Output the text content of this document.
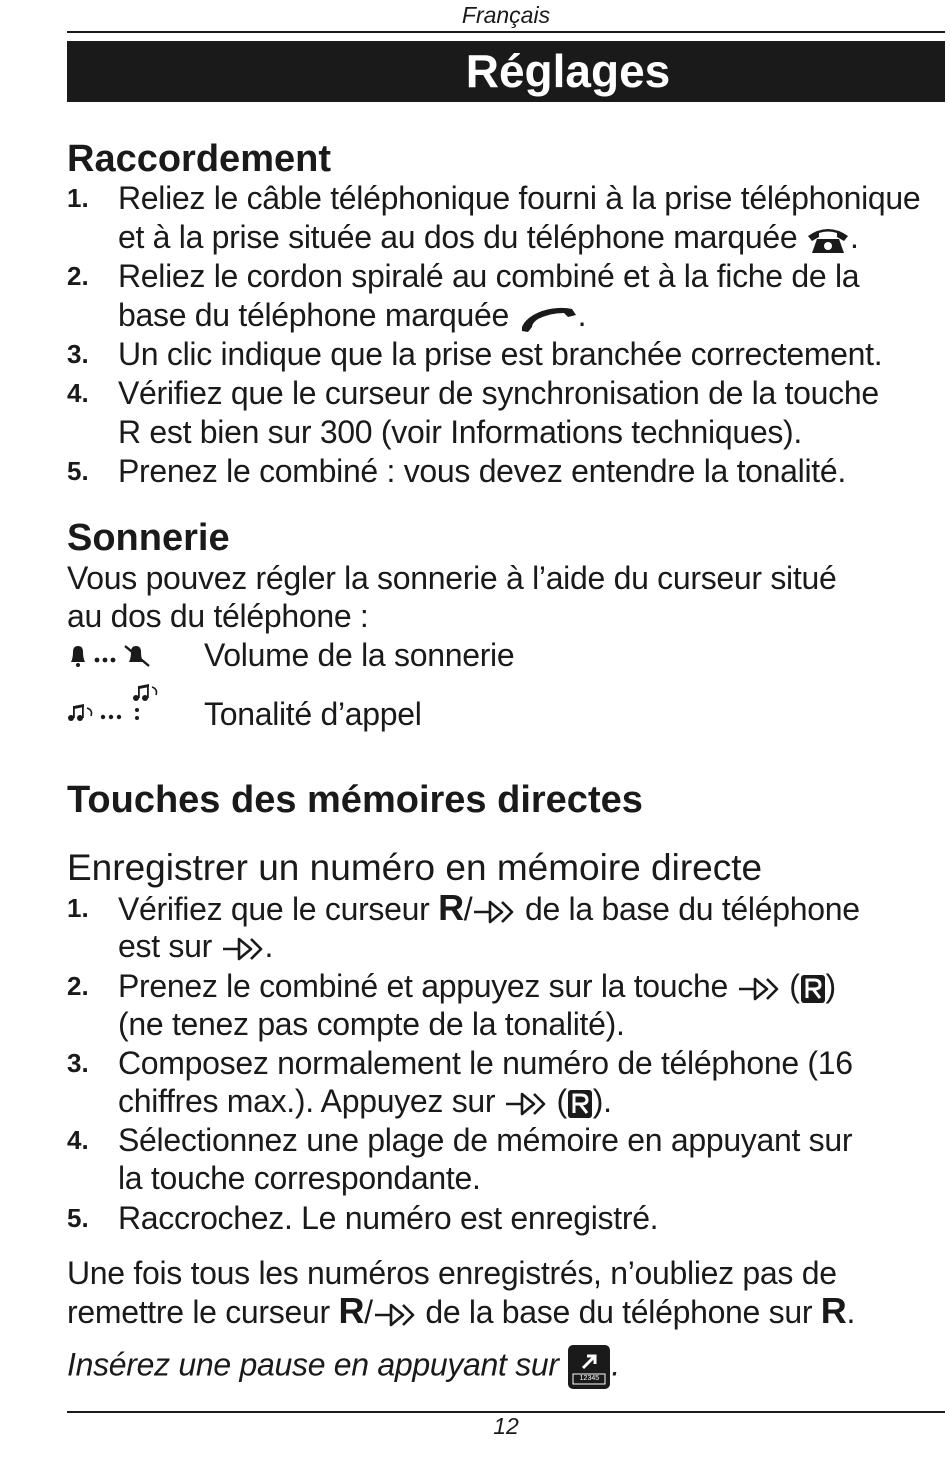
Français
Réglages
Raccordement
1. Reliez le câble téléphonique fourni à la prise téléphonique
et à la prise située au dos du téléphone marquée .
2. Reliez le cordon spiralé au combiné et à la fiche de la
base du téléphone marquée .
3. Un clic indique que la prise est branchée correctement.
4. Vérifiez que le curseur de synchronisation de la touche
R est bien sur 300 (voir Informations techniques).
5. Prenez le combiné : vous devez entendre la tonalité.
Sonnerie
Vous pouvez régler la sonnerie à l’aide du curseur situé
au dos du téléphone :
Volume de la sonnerie
Tonalité d’appel
Touches des mémoires directes
Enregistrer un numéro en mémoire directe
1. Vérifiez que le curseur R/ de la base du téléphone
est sur .
2. Prenez le combiné et appuyez sur la touche ( )
(ne tenez pas compte de la tonalité).
3. Composez normalement le numéro de téléphone (16
chiffres max.). Appuyez sur ( ).
4. Sélectionnez une plage de mémoire en appuyant sur
la touche correspondante.
5. Raccrochez. Le numéro est enregistré.
Une fois tous les numéros enregistrés, n’oubliez pas de
remettre le curseur R/ de la base du téléphone sur R.
Insérez une pause en appuyant sur	12345 .
12
